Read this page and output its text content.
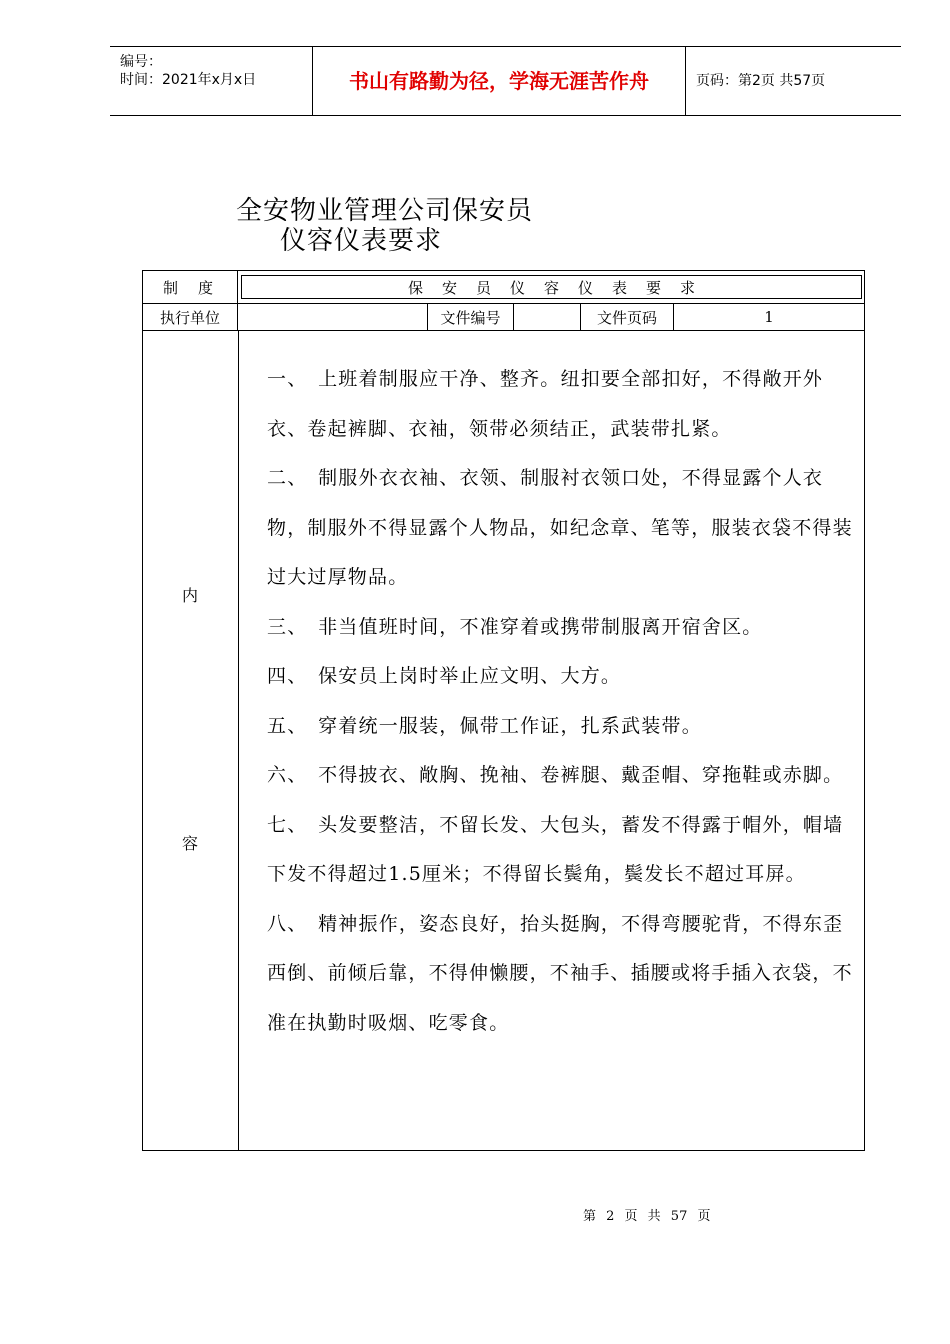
编号：
时间：2021年x月x日	书山有路勤为径，学海无涯苦作舟	页码：第2页 共57页
全安物业管理公司保安员
仪容仪表要求
制度	保安员仪容仪表要求
执行单位	文件编号	文件页码	1
内
容

一、　上班着制服应干净、整齐。纽扣要全部扣好，不得敞开外衣、卷起裤脚、衣袖，领带必须结正，武装带扎紧。

二、　制服外衣衣袖、衣领、制服衬衣领口处，不得显露个人衣物，制服外不得显露个人物品，如纪念章、笔等，服装衣袋不得装过大过厚物品。

三、　非当值班时间，不准穿着或携带制服离开宿舍区。

四、　保安员上岗时举止应文明、大方。

五、　穿着统一服装，佩带工作证，扎系武装带。

六、　不得披衣、敞胸、挽袖、卷裤腿、戴歪帽、穿拖鞋或赤脚。

七、　头发要整洁，不留长发、大包头，蓄发不得露于帽外，帽墙下发不得超过1.5厘米；不得留长鬓角，鬓发长不超过耳屏。

八、　精神振作，姿态良好，抬头挺胸，不得弯腰驼背，不得东歪西倒、前倾后靠，不得伸懒腰，不袖手、插腰或将手插入衣袋，不准在执勤时吸烟、吃零食。

第 2 页 共 57 页
